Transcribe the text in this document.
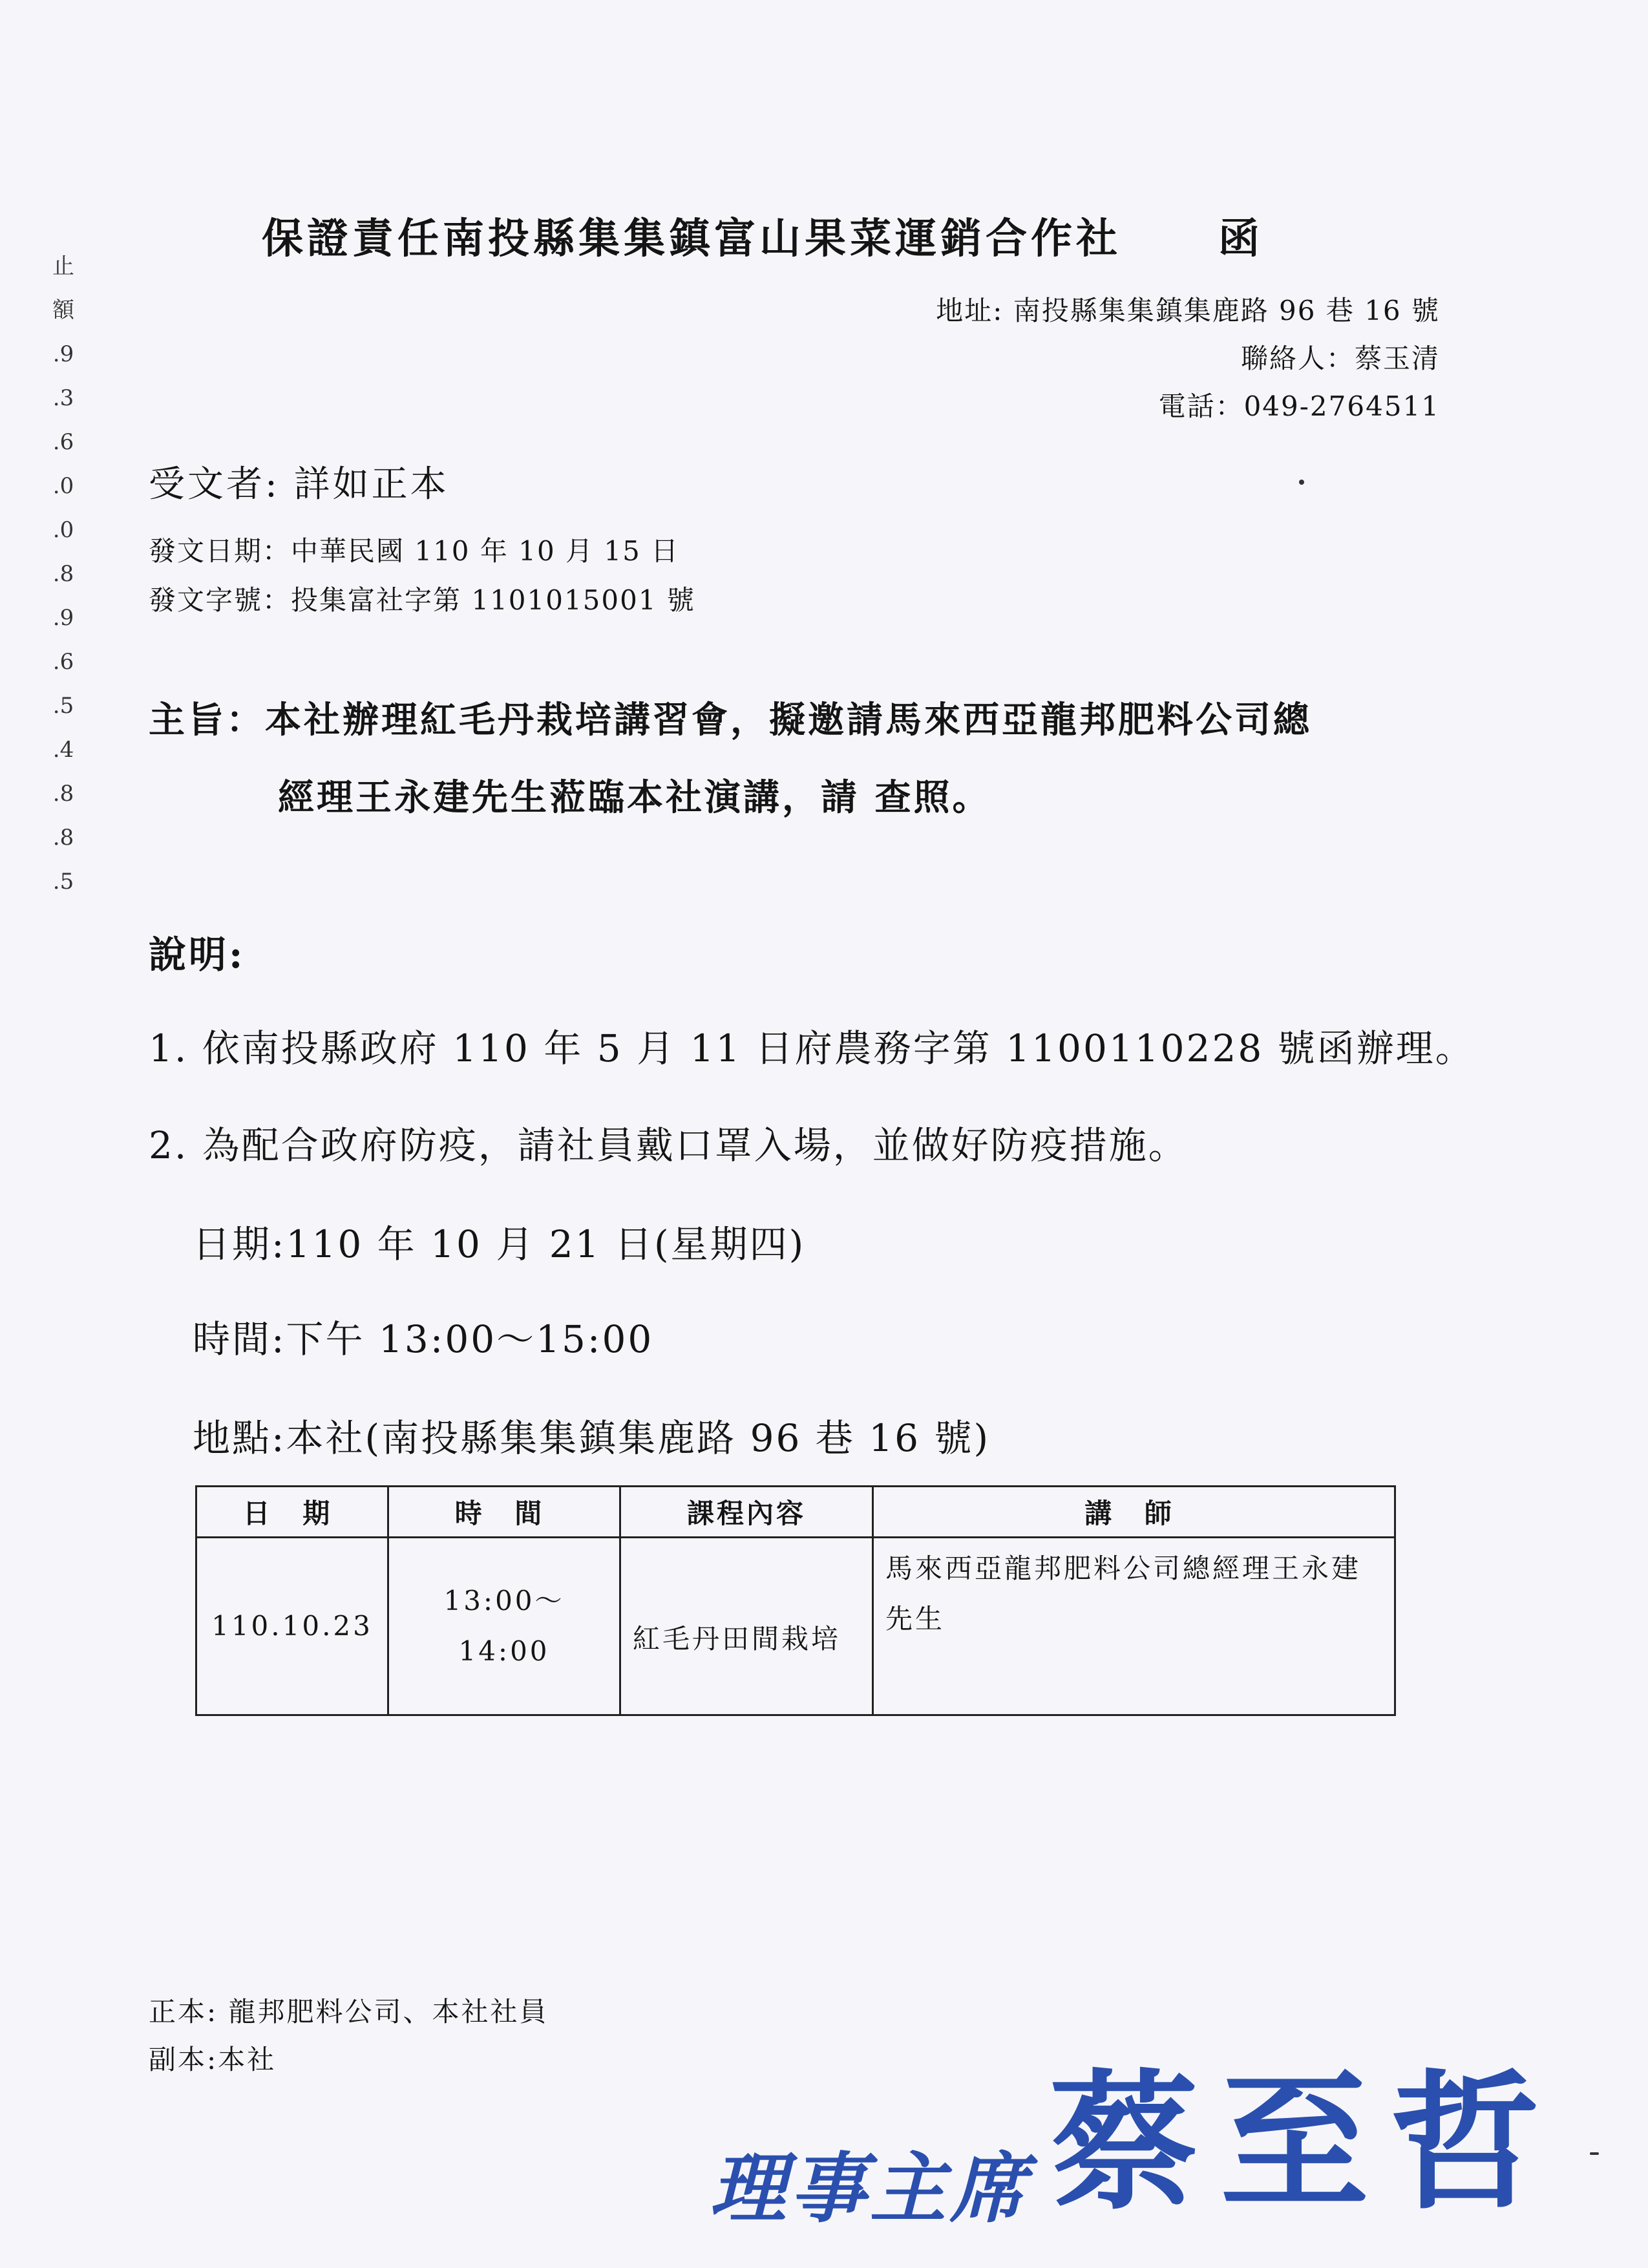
止
額
.9
.3
.6
.0
.0
.8
.9
.6
.5
.4
.8
.8
.5
保證責任南投縣集集鎮富山果菜運銷合作社 函
地址: 南投縣集集鎮集鹿路 96 巷 16 號
聯絡人：蔡玉清
電話：049-2764511
受文者: 詳如正本
發文日期：中華民國 110 年 10 月 15 日
發文字號：投集富社字第 1101015001 號
主旨：本社辦理紅毛丹栽培講習會，擬邀請馬來西亞龍邦肥料公司總
經理王永建先生蒞臨本社演講，請 查照。
說明:
1. 依南投縣政府 110 年 5 月 11 日府農務字第 1100110228 號函辦理。
2. 為配合政府防疫，請社員戴口罩入場，並做好防疫措施。
日期:110 年 10 月 21 日(星期四)
時間:下午 13:00～15:00
地點:本社(南投縣集集鎮集鹿路 96 巷 16 號)
日 期	時 間	課程內容	講 師
110.10.23	13:00～14:00	紅毛丹田間栽培	馬來西亞龍邦肥料公司總經理王永建先生
正本: 龍邦肥料公司、本社社員
副本:本社
理事主席 蔡至哲
